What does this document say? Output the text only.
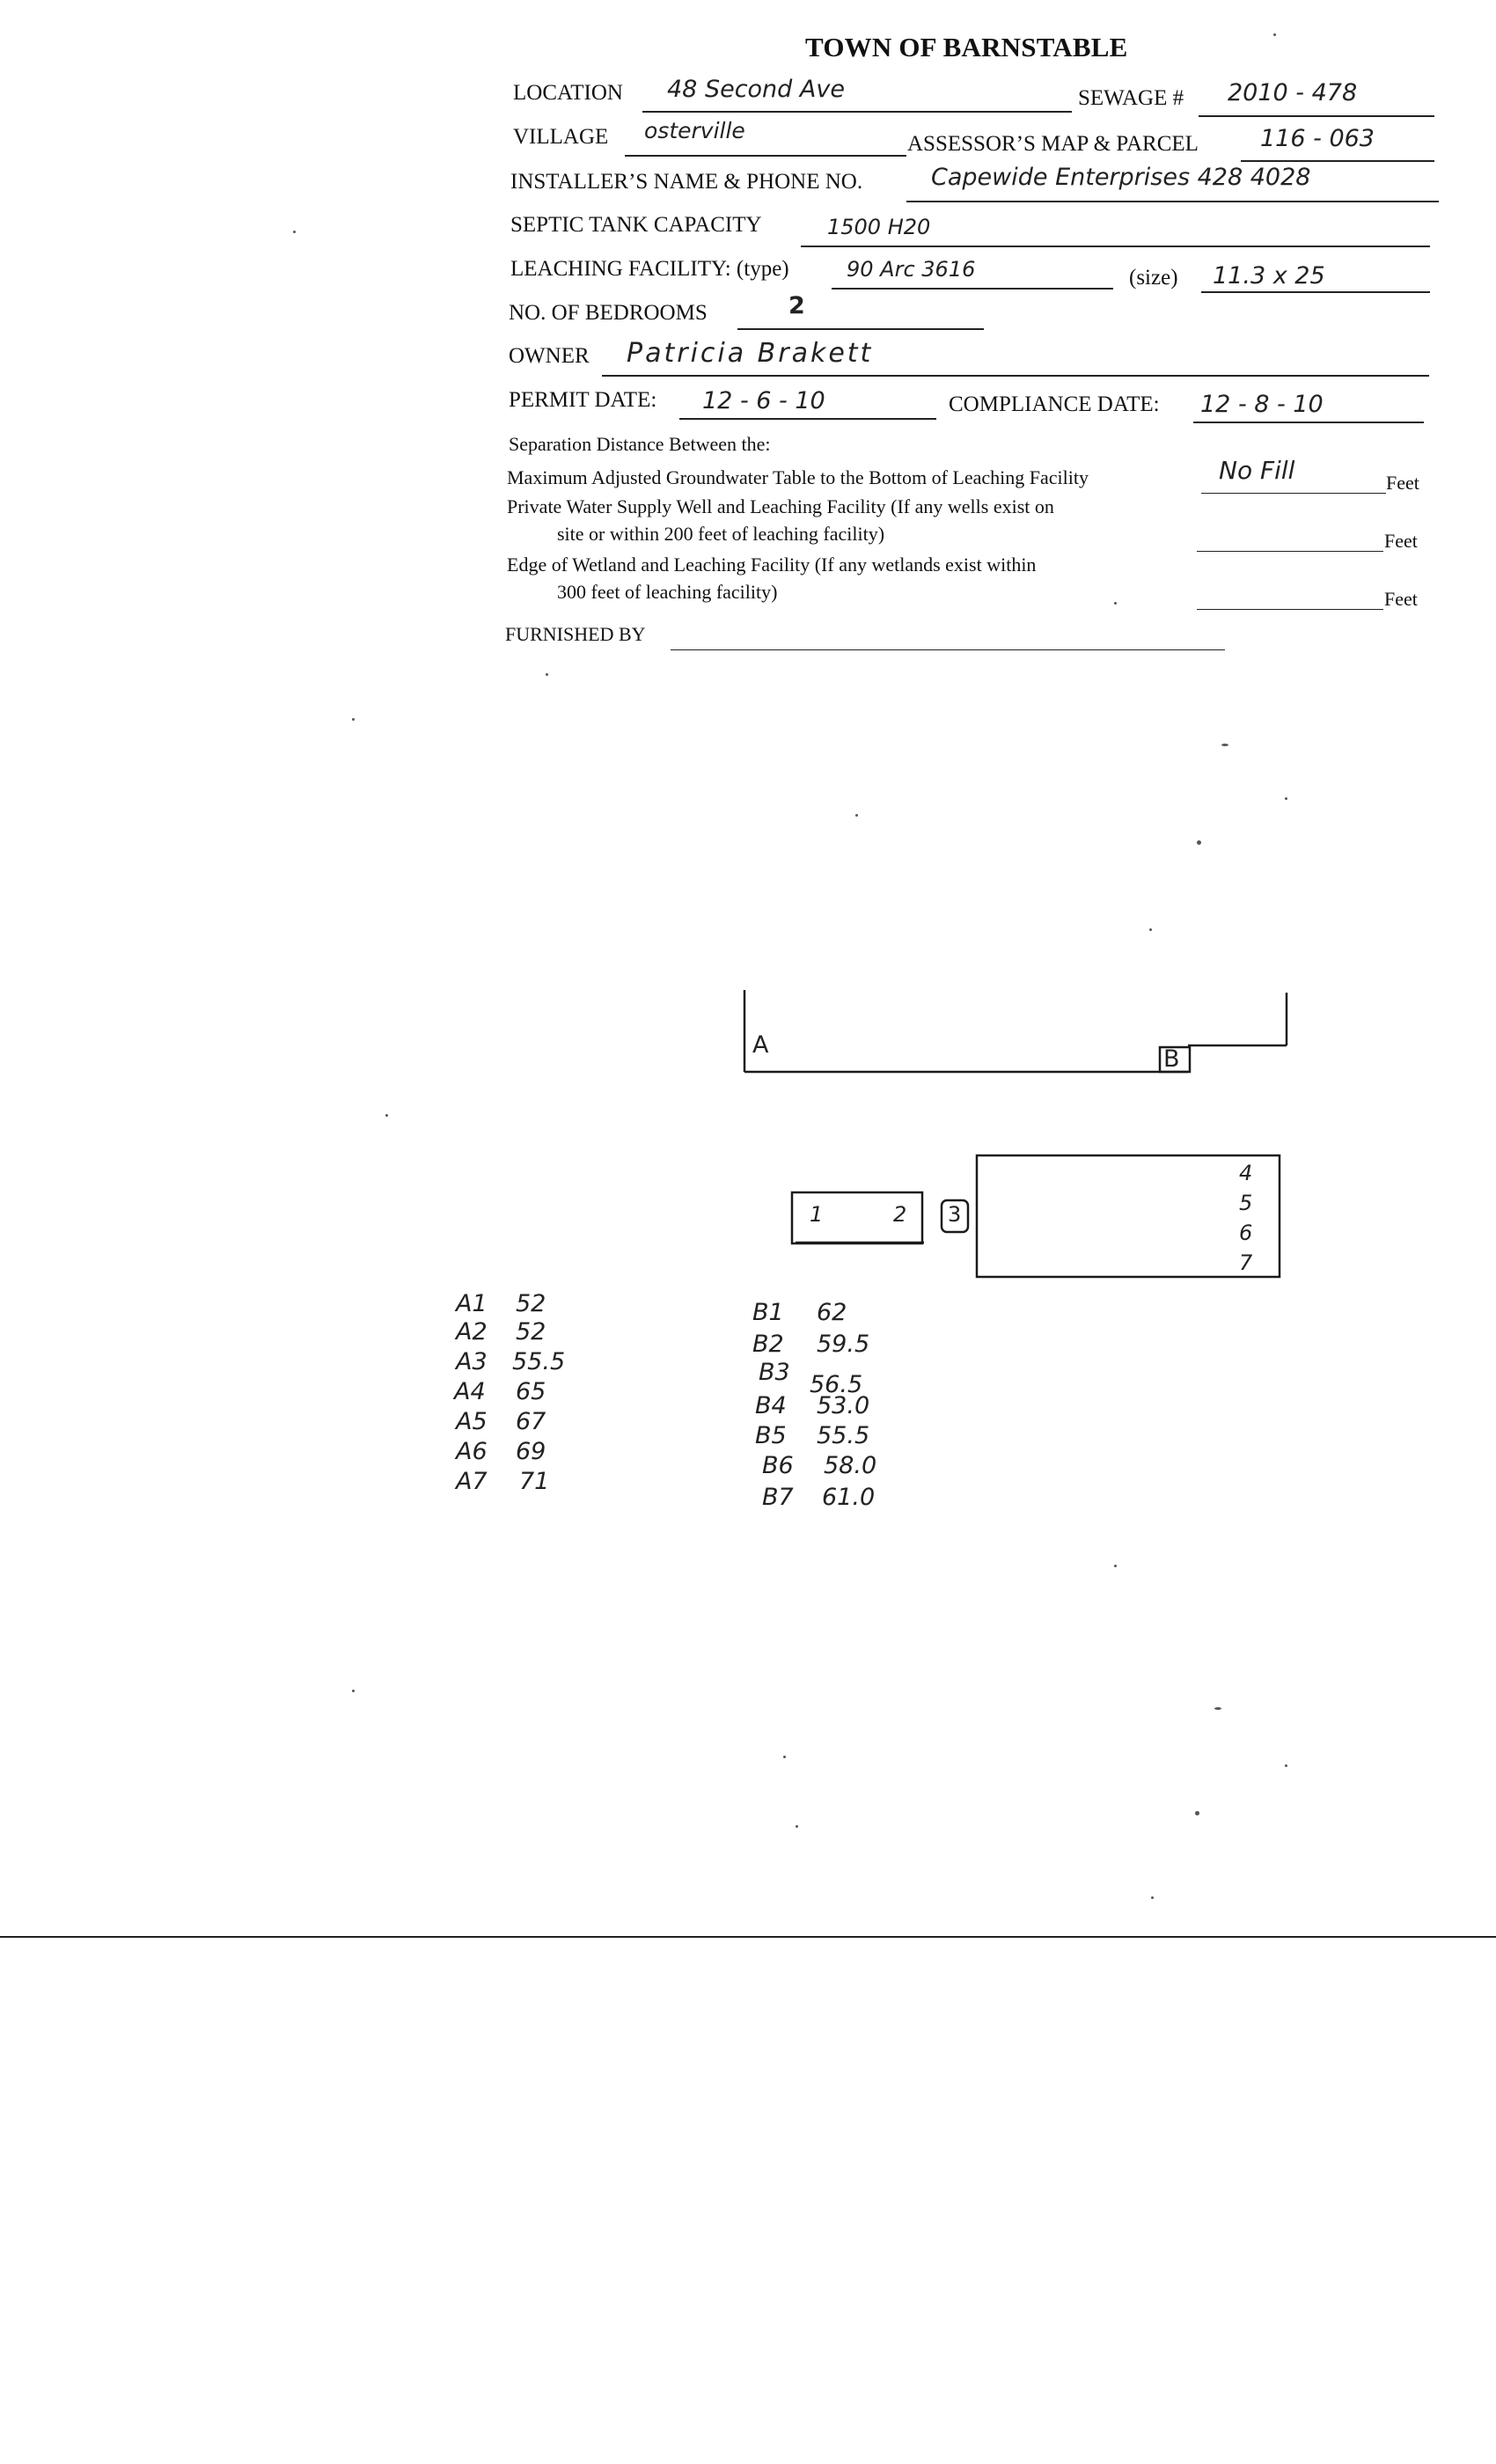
TOWN OF BARNSTABLE
LOCATION 48 Second Ave	SEWAGE # 2010 - 478
VILLAGE osterville
ASSESSOR’S MAP & PARCEL	116 - 063
INSTALLER’S NAME & PHONE NO.	Capewide Enterprises 428 4028
SEPTIC TANK CAPACITY	1500 H20
LEACHING FACILITY: (type)	90 Arc 3616	(size) 11.3 x 25
NO. OF BEDROOMS	2
OWNER Patricia Brakett
PERMIT DATE: 12 - 6 - 10	COMPLIANCE DATE: 12 - 8 - 10
Separation Distance Between the:
Maximum Adjusted Groundwater Table to the Bottom of Leaching Facility	No Fill	Feet
Private Water Supply Well and Leaching Facility (If any wells exist on
site or within 200 feet of leaching facility)	Feet
Edge of Wetland and Leaching Facility (If any wetlands exist within
300 feet of leaching facility)	Feet
FURNISHED BY
A
B
1	2 3
4
5
6
7
A1 52
A2 52
A3 55.5
A4 65
A5 67
A6 69
A7 71
B1 62
B2 59.5
B3 56.5
B4 53.0
B5 55.5
B6 58.0
B7 61.0
